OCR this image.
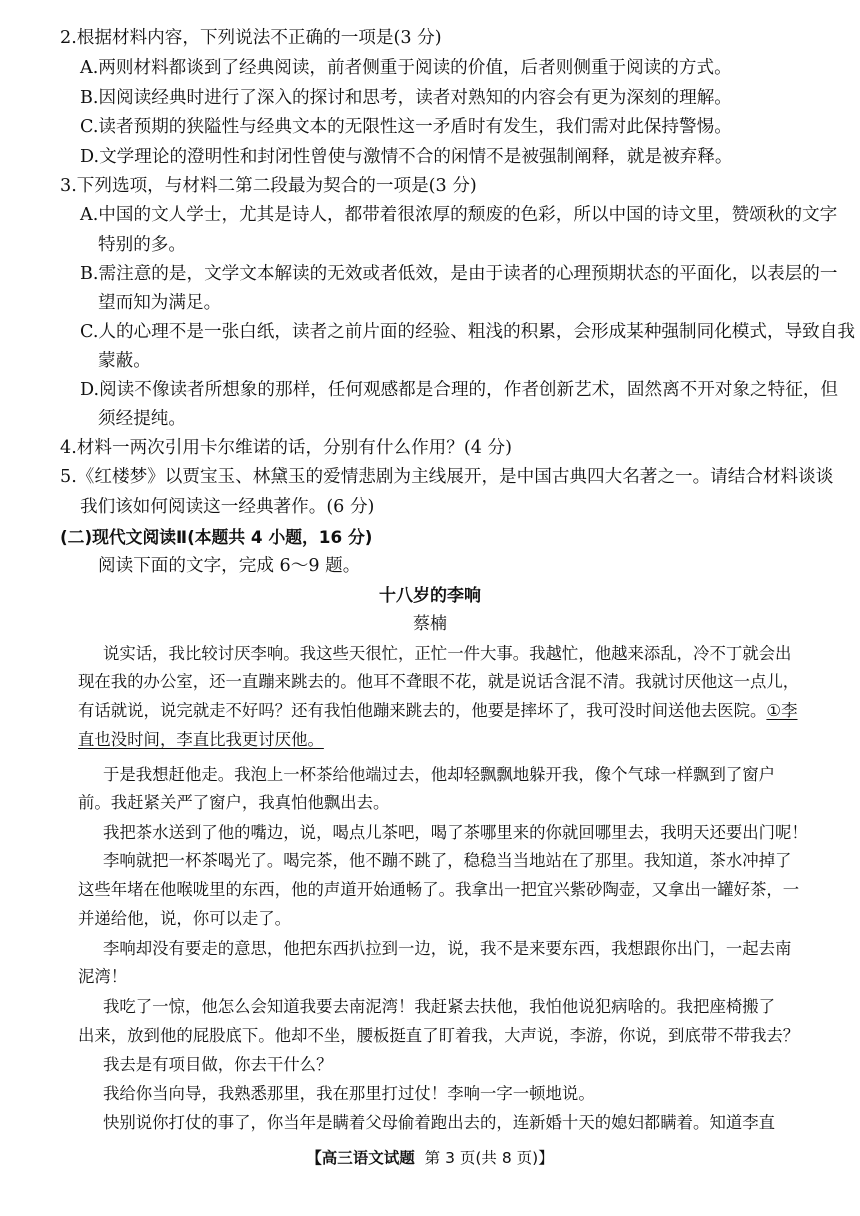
2.根据材料内容，下列说法不正确的一项是(3 分)
A.两则材料都谈到了经典阅读，前者侧重于阅读的价值，后者则侧重于阅读的方式。
B.因阅读经典时进行了深入的探讨和思考，读者对熟知的内容会有更为深刻的理解。
C.读者预期的狭隘性与经典文本的无限性这一矛盾时有发生，我们需对此保持警惕。
D.文学理论的澄明性和封闭性曾使与激情不合的闲情不是被强制阐释，就是被弃释。
3.下列选项，与材料二第二段最为契合的一项是(3 分)
A.中国的文人学士，尤其是诗人，都带着很浓厚的颓废的色彩，所以中国的诗文里，赞颂秋的文字
特别的多。
B.需注意的是，文学文本解读的无效或者低效，是由于读者的心理预期状态的平面化，以表层的一
望而知为满足。
C.人的心理不是一张白纸，读者之前片面的经验、粗浅的积累，会形成某种强制同化模式，导致自我
蒙蔽。
D.阅读不像读者所想象的那样，任何观感都是合理的，作者创新艺术，固然离不开对象之特征，但
须经提纯。
4.材料一两次引用卡尔维诺的话，分别有什么作用？(4 分)
5.《红楼梦》以贾宝玉、林黛玉的爱情悲剧为主线展开，是中国古典四大名著之一。请结合材料谈谈
我们该如何阅读这一经典著作。(6 分)
(二)现代文阅读Ⅱ(本题共 4 小题，16 分)
阅读下面的文字，完成 6～9 题。
十八岁的李响
蔡楠
说实话，我比较讨厌李响。我这些天很忙，正忙一件大事。我越忙，他越来添乱，冷不丁就会出
现在我的办公室，还一直蹦来跳去的。他耳不聋眼不花，就是说话含混不清。我就讨厌他这一点儿，
有话就说，说完就走不好吗？还有我怕他蹦来跳去的，他要是摔坏了，我可没时间送他去医院。①李
直也没时间，李直比我更讨厌他。
于是我想赶他走。我泡上一杯茶给他端过去，他却轻飘飘地躲开我，像个气球一样飘到了窗户
前。我赶紧关严了窗户，我真怕他飘出去。
我把茶水送到了他的嘴边，说，喝点儿茶吧，喝了茶哪里来的你就回哪里去，我明天还要出门呢！
李响就把一杯茶喝光了。喝完茶，他不蹦不跳了，稳稳当当地站在了那里。我知道，茶水冲掉了
这些年堵在他喉咙里的东西，他的声道开始通畅了。我拿出一把宜兴紫砂陶壶，又拿出一罐好茶，一
并递给他，说，你可以走了。
李响却没有要走的意思，他把东西扒拉到一边，说，我不是来要东西，我想跟你出门，一起去南
泥湾！
我吃了一惊，他怎么会知道我要去南泥湾！我赶紧去扶他，我怕他说犯病啥的。我把座椅搬了
出来，放到他的屁股底下。他却不坐，腰板挺直了盯着我，大声说，李游，你说，到底带不带我去？
我去是有项目做，你去干什么？
我给你当向导，我熟悉那里，我在那里打过仗！李响一字一顿地说。
快别说你打仗的事了，你当年是瞒着父母偷着跑出去的，连新婚十天的媳妇都瞒着。知道李直
【高三语文试题 第 3 页(共 8 页)】
